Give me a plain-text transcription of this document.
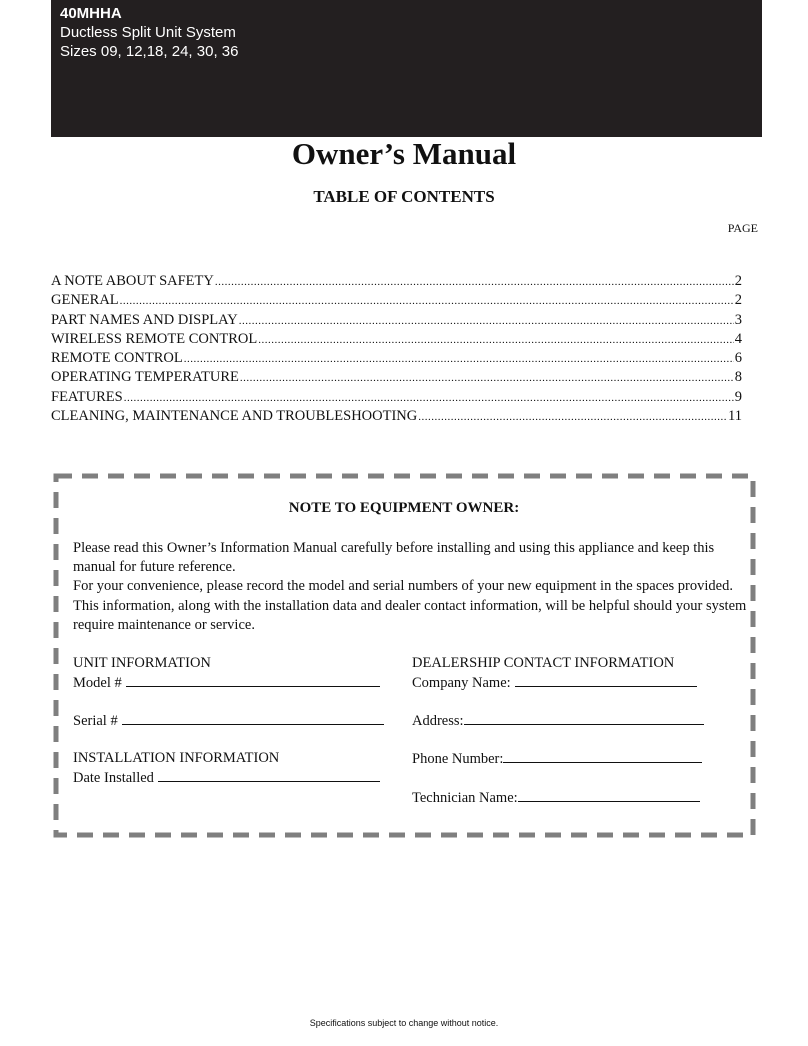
40MHHA
Ductless Split Unit System
Sizes 09, 12,18, 24, 30, 36
Owner’s Manual
TABLE OF CONTENTS
PAGE
A NOTE ABOUT SAFETY .....	2
GENERAL .....	2
PART NAMES AND DISPLAY .....	3
WIRELESS REMOTE CONTROL .....	4
REMOTE CONTROL .....	6
OPERATING TEMPERATURE .....	8
FEATURES .....	9
CLEANING, MAINTENANCE AND TROUBLESHOOTING .....	11
NOTE TO EQUIPMENT OWNER:
Please read this Owner’s Information Manual carefully before installing and using this appliance and keep this manual for future reference.
For your convenience, please record the model and serial numbers of your new equipment in the spaces provided. This information, along with the installation data and dealer contact information, will be helpful should your system require maintenance or service.
UNIT INFORMATION
Model #
Serial #
INSTALLATION INFORMATION
Date Installed
DEALERSHIP CONTACT INFORMATION
Company Name:
Address:
Phone Number:
Technician Name:
Specifications subject to change without notice.
